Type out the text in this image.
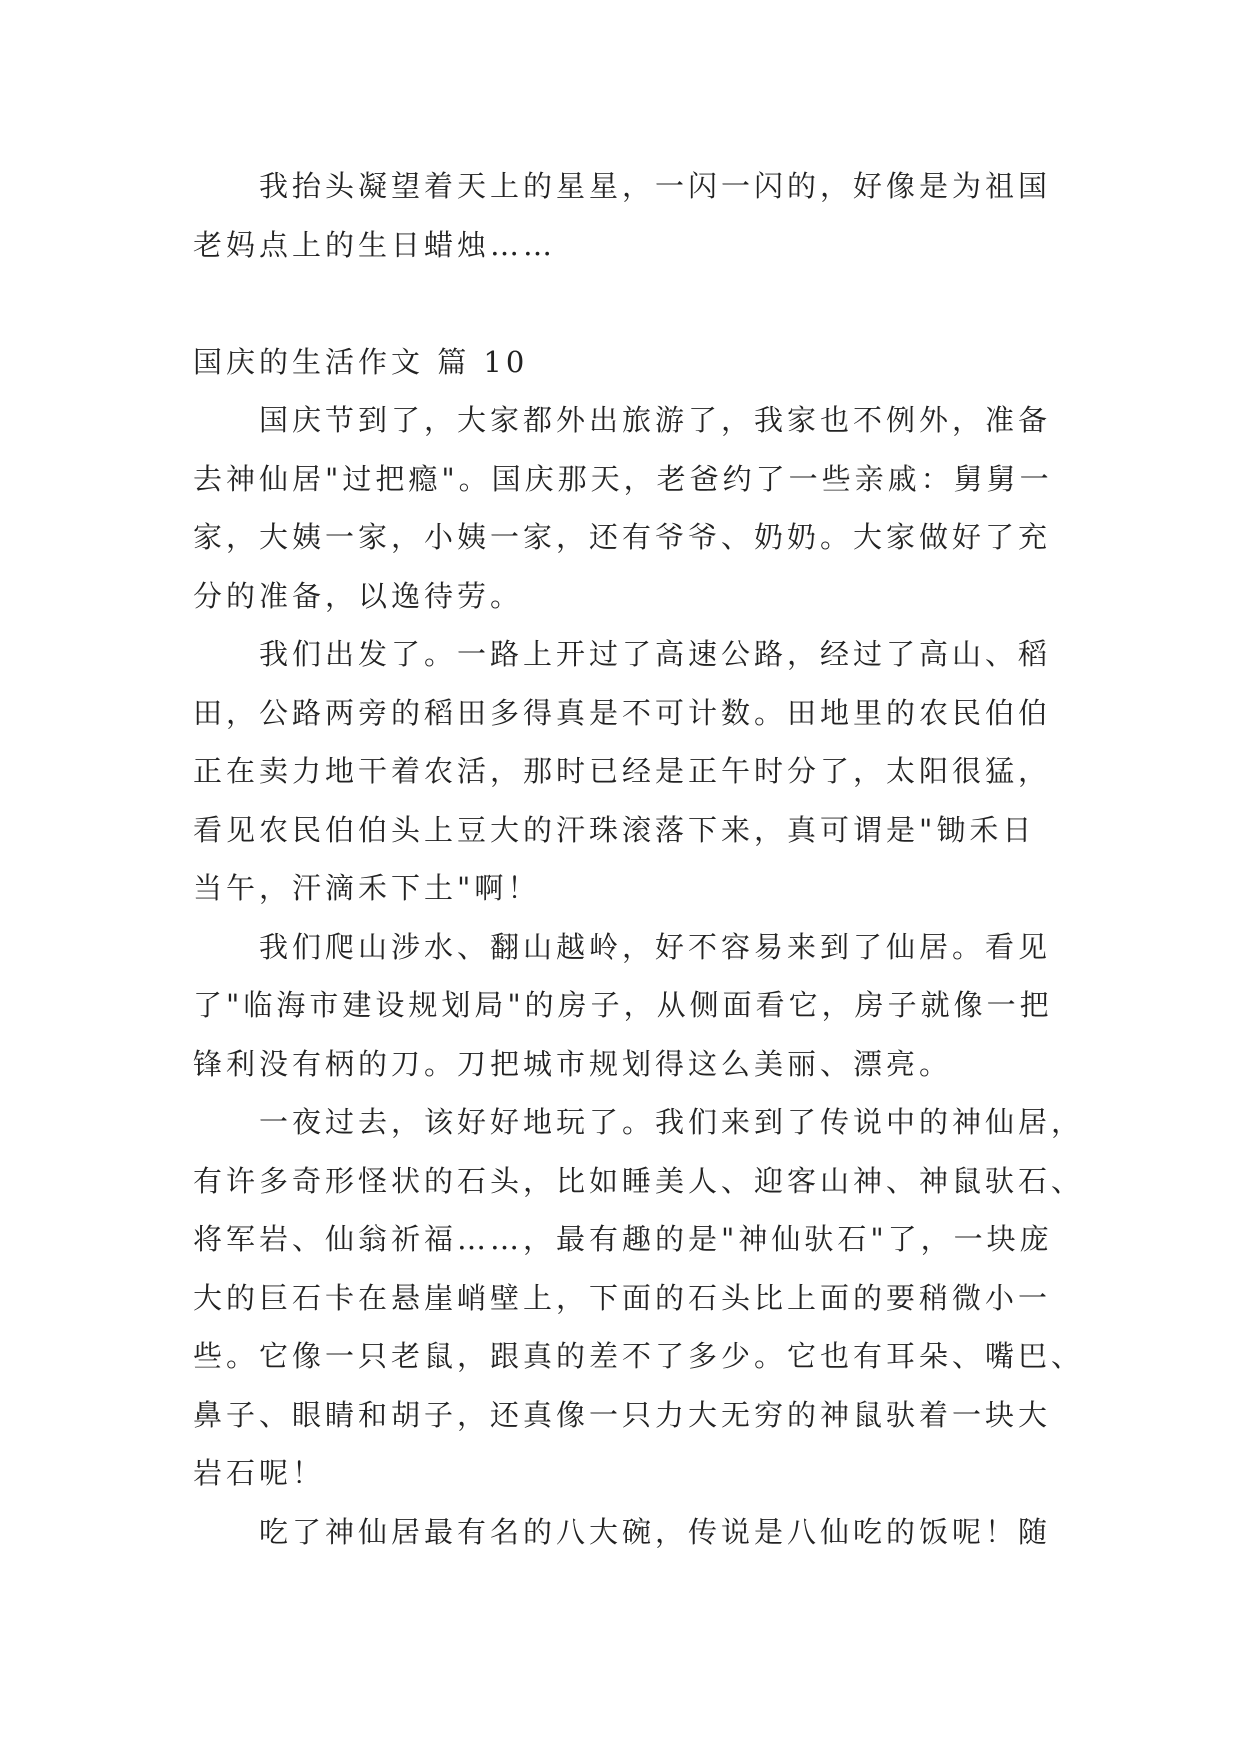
我抬头凝望着天上的星星，一闪一闪的，好像是为祖国
老妈点上的生日蜡烛……
国庆的生活作文 篇 10
国庆节到了，大家都外出旅游了，我家也不例外，准备
去神仙居"过把瘾"。国庆那天，老爸约了一些亲戚：舅舅一
家，大姨一家，小姨一家，还有爷爷、奶奶。大家做好了充
分的准备，以逸待劳。
我们出发了。一路上开过了高速公路，经过了高山、稻
田，公路两旁的稻田多得真是不可计数。田地里的农民伯伯
正在卖力地干着农活，那时已经是正午时分了，太阳很猛，
看见农民伯伯头上豆大的汗珠滚落下来，真可谓是"锄禾日
当午，汗滴禾下土"啊！
我们爬山涉水、翻山越岭，好不容易来到了仙居。看见
了"临海市建设规划局"的房子，从侧面看它，房子就像一把
锋利没有柄的刀。刀把城市规划得这么美丽、漂亮。
一夜过去，该好好地玩了。我们来到了传说中的神仙居，
有许多奇形怪状的石头，比如睡美人、迎客山神、神鼠驮石、
将军岩、仙翁祈福……，最有趣的是"神仙驮石"了，一块庞
大的巨石卡在悬崖峭壁上，下面的石头比上面的要稍微小一
些。它像一只老鼠，跟真的差不了多少。它也有耳朵、嘴巴、
鼻子、眼睛和胡子，还真像一只力大无穷的神鼠驮着一块大
岩石呢！
吃了神仙居最有名的八大碗，传说是八仙吃的饭呢！随
